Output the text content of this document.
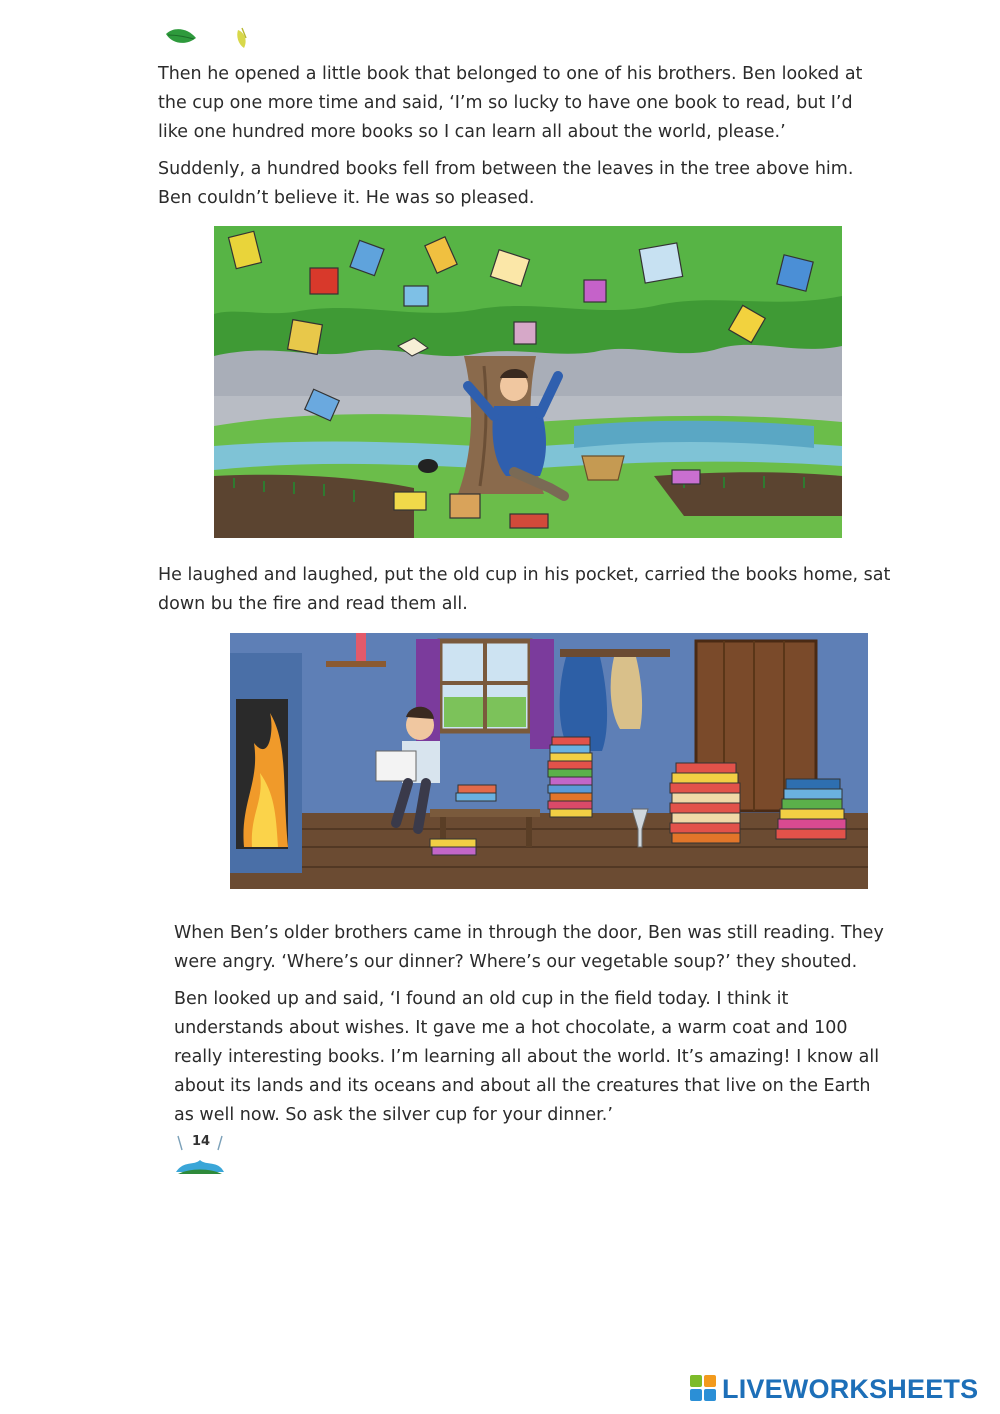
Then he opened a little book that belonged to one of his brothers. Ben looked at
the cup one more time and said, ‘I’m so lucky to have one book to read, but I’d
like one hundred more books so I can learn all about the world, please.’

Suddenly, a hundred books fell from between the leaves in the tree above him.
Ben couldn’t believe it. He was so pleased.

He laughed and laughed, put the old cup in his pocket, carried the books home, sat
down bu the fire and read them all.

When Ben’s older brothers came in through the door, Ben was still reading. They
were angry. ‘Where’s our dinner? Where’s our vegetable soup?’ they shouted.

Ben looked up and said, ‘I found an old cup in the field today. I think it
understands about wishes. It gave me a hot chocolate, a warm coat and 100
really interesting books. I’m learning all about the world. It’s amazing! I know all
about its lands and its oceans and about all the creatures that live on the Earth
as well now. So ask the silver cup for your dinner.’

14
LIVEWORKSHEETS
